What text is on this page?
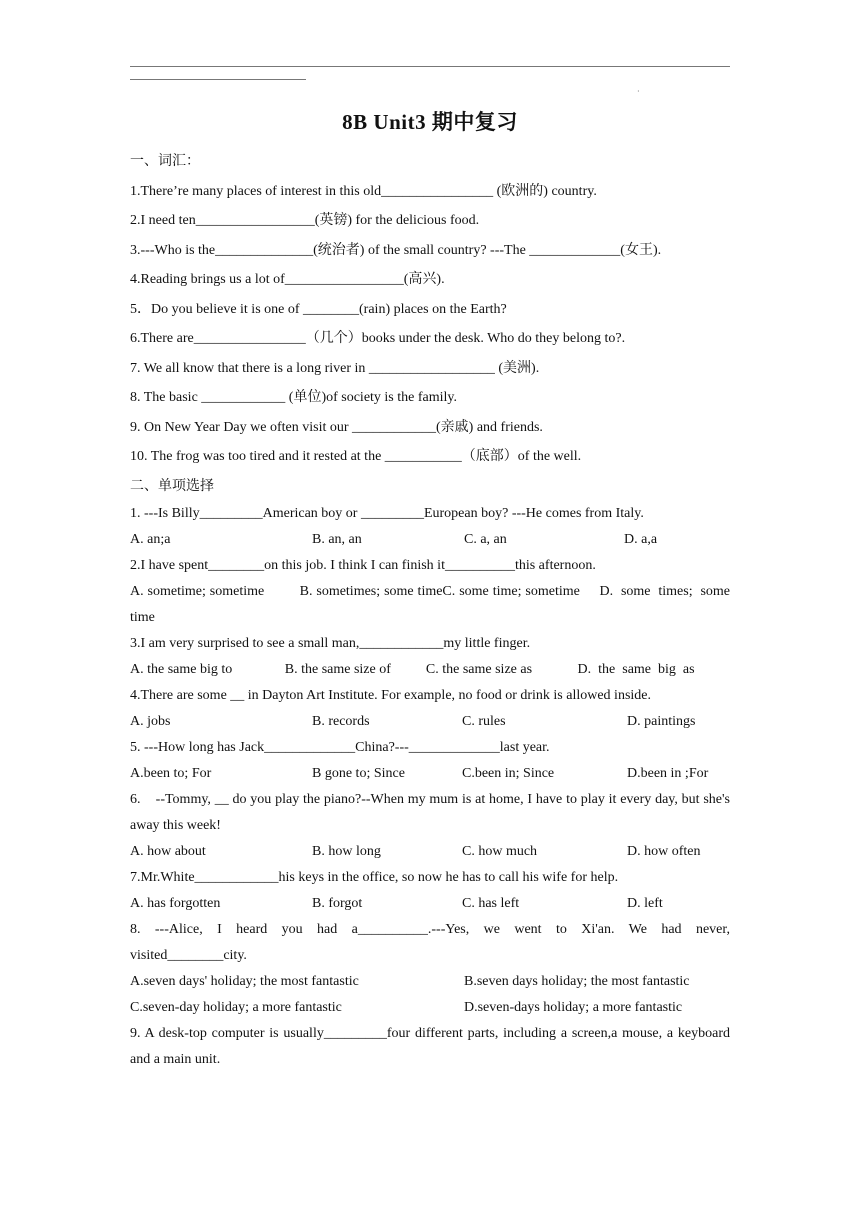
·
8B Unit3 期中复习
一、词汇：
1.There’re many places of interest in this old________________ (欧洲的) country.
2.I need ten_________________(英镑) for the delicious food.
3.---Who is the______________(统治者) of the small country? ---The _____________(女王).
4.Reading brings us a lot of_________________(高兴).
5．Do you believe it is one of ________(rain) places on the Earth?
6.There are________________（几个）books under the desk. Who do they belong to?.
7. We all know that there is a long river in __________________ (美洲).
8. The basic ____________ (单位)of society is the family.
9. On New Year Day we often visit our ____________(亲戚) and friends.
10. The frog was too tired and it rested at the ___________（底部）of the well.
二、单项选择
1. ---Is Billy_________American boy or _________European boy? ---He comes from Italy.
A. an;a	B. an, an	C. a, an	D. a,a
2.I have spent________on this job. I think I can finish it__________this afternoon.
A. sometime; sometime         B. sometimes; some timeC. some time; sometime     D.  some  times;  some time
3.I am very surprised to see a small man,____________my little finger.
A. the same big to               B. the same size of          C. the same size as             D.  the  same  big  as
4.There are some __ in Dayton Art Institute. For example, no food or drink is allowed inside.
A. jobs	B. records	C. rules	D. paintings
5. ---How long has Jack_____________China?---_____________last year.
A.been to; For	B gone to; Since	C.been in; Since	D.been in ;For
6.    --Tommy, __ do you play the piano?--When my mum is at home, I have to play it every day, but she's away this week!
A. how about	B. how long	C. how much	D. how often
7.Mr.White____________his keys in the office, so now he has to call his wife for help.
A. has forgotten	B. forgot	C. has left	D. left
8.  ---Alice,  I  heard  you  had  a__________.---Yes,  we  went  to  Xi'an.  We  had  never, visited________city.
A.seven days' holiday; the most fantastic	B.seven days holiday; the most fantastic
C.seven-day holiday; a more fantastic	D.seven-days holiday; a more fantastic
9. A desk-top computer is usually_________four different parts, including a screen,a mouse, a keyboard and a main unit.
